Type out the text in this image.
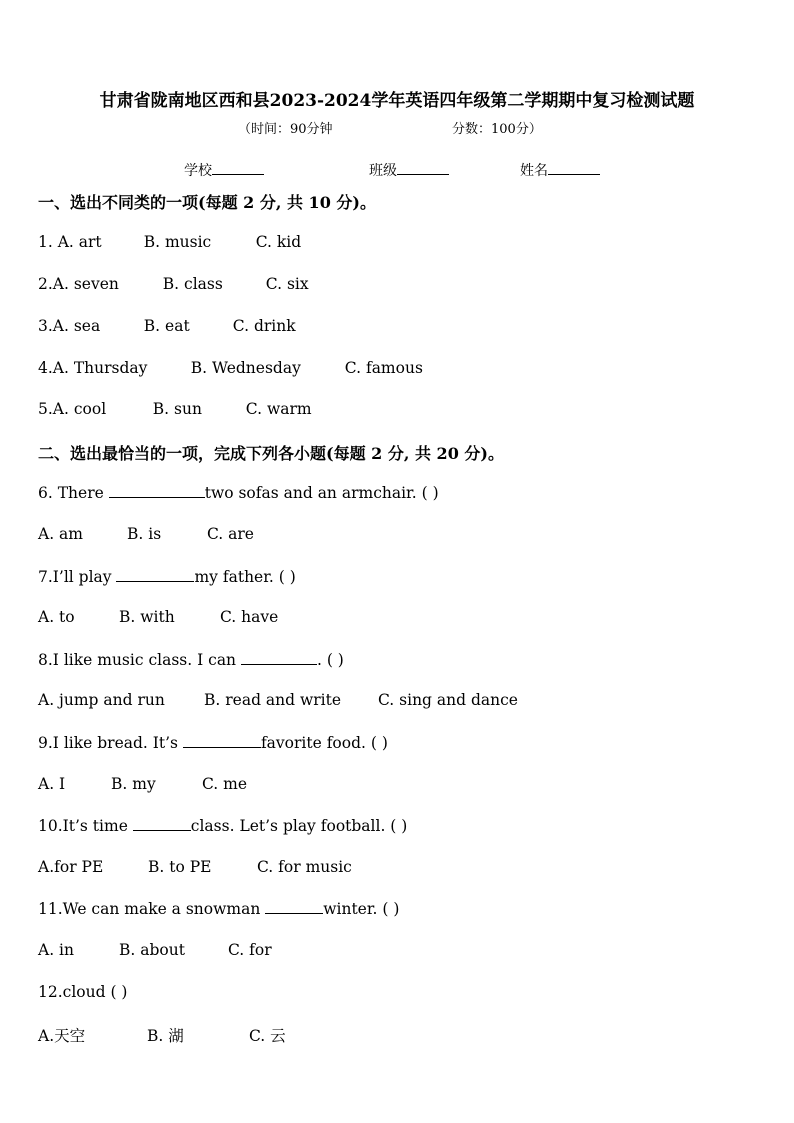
甘肃省陇南地区西和县2023-2024学年英语四年级第二学期期中复习检测试题
（时间：90分钟	分数：100分）
学校	班级	姓名
一、选出不同类的一项(每题 2 分, 共 10 分)。
1. A. art	B. music	C. kid
2.A. seven	B. class	C. six
3.A. sea	B. eat	C. drink
4.A. Thursday	B. Wednesday	C. famous
5.A. cool	B. sun	C. warm
二、选出最恰当的一项，完成下列各小题(每题 2 分, 共 20 分)。
6. There	two sofas and an armchair. ( )
A. am	B. is	C. are
7.I’ll play	my father. ( )
A. to	B. with	C. have
8.I like music class. I can	. ( )
A. jump and run	B. read and write C. sing and dance
9.I like bread. It’s	favorite food. ( )
A. I	B. my	C. me
10.It’s time	class. Let’s play football. ( )
A.for PE	B. to PE	C. for music
11.We can make a snowman	winter. ( )
A. in	B. about	C. for
12.cloud ( )
A.天空	B. 湖	C. 云
